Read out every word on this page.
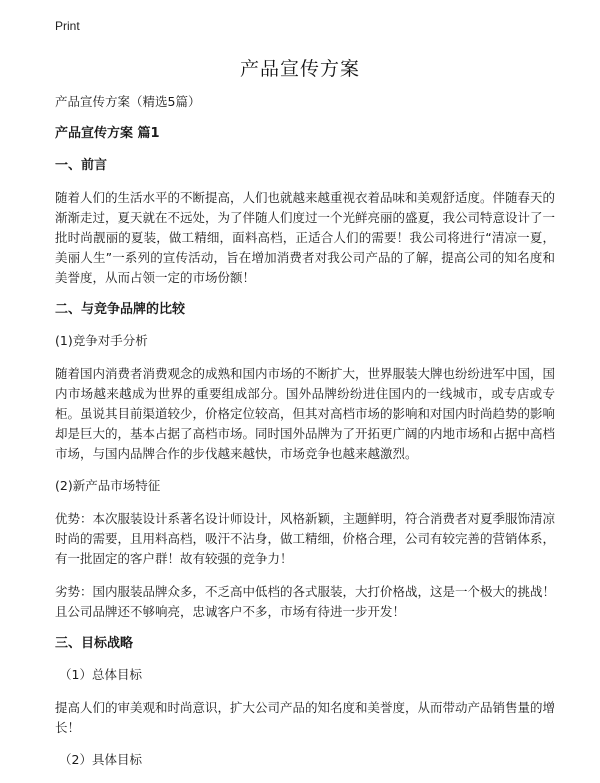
Print
产品宣传方案
产品宣传方案（精选5篇）
产品宣传方案 篇1
一、前言
随着人们的生活水平的不断提高，人们也就越来越重视衣着品味和美观舒适度。伴随春天的渐渐走过，夏天就在不远处，为了伴随人们度过一个光鲜亮丽的盛夏，我公司特意设计了一批时尚靓丽的夏装，做工精细，面料高档，正适合人们的需要！我公司将进行“清凉一夏，美丽人生”一系列的宣传活动，旨在增加消费者对我公司产品的了解，提高公司的知名度和美誉度，从而占领一定的市场份额！
二、与竞争品牌的比较
(1)竞争对手分析
随着国内消费者消费观念的成熟和国内市场的不断扩大，世界服装大牌也纷纷进军中国，国内市场越来越成为世界的重要组成部分。国外品牌纷纷进住国内的一线城市，或专店或专柜。虽说其目前渠道较少，价格定位较高，但其对高档市场的影响和对国内时尚趋势的影响却是巨大的，基本占据了高档市场。同时国外品牌为了开拓更广阔的内地市场和占据中高档市场，与国内品牌合作的步伐越来越快，市场竞争也越来越激烈。
(2)新产品市场特征
优势：本次服装设计系著名设计师设计，风格新颖，主题鲜明，符合消费者对夏季服饰清凉时尚的需要，且用料高档，吸汗不沾身，做工精细，价格合理，公司有较完善的营销体系，有一批固定的客户群！故有较强的竞争力！
劣势：国内服装品牌众多，不乏高中低档的各式服装，大打价格战，这是一个极大的挑战！且公司品牌还不够响亮，忠诚客户不多，市场有待进一步开发！
三、目标战略
（1）总体目标
提高人们的审美观和时尚意识，扩大公司产品的知名度和美誉度，从而带动产品销售量的增长！
（2）具体目标
